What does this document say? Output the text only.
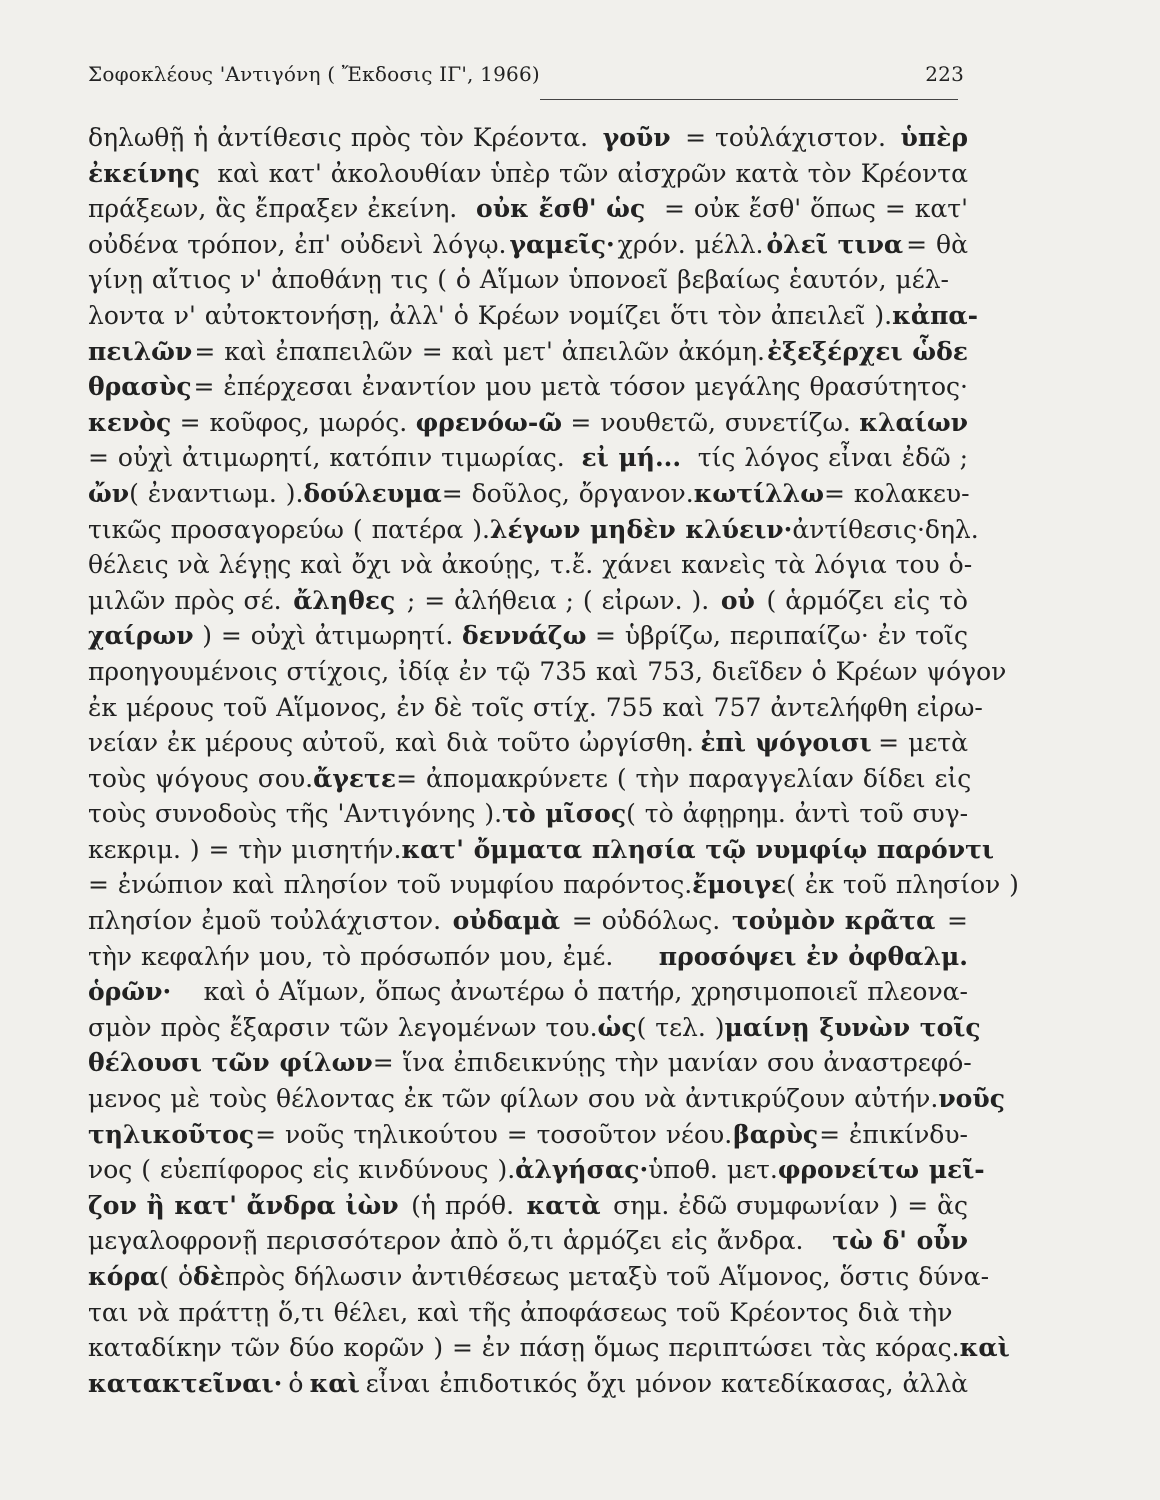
Σοφοκλέους 'Αντιγόνη ( Ἔκδοσις ΙΓ', 1966)	223
δηλωθῇ ἡ ἀντίθεσις πρὸς τὸν Κρέοντα. γοῦν = τοὐλάχιστον. ὑπὲρ
ἐκείνης καὶ κατ' ἀκολουθίαν ὑπὲρ τῶν αἰσχρῶν κατὰ τὸν Κρέοντα
πράξεων, ἃς ἔπραξεν ἐκείνη. οὐκ ἔσθ' ὡς = οὐκ ἔσθ' ὅπως = κατ'
οὐδένα τρόπον, ἐπ' οὐδενὶ λόγῳ. γαμεῖς· χρόν. μέλλ. ὀλεῖ τινα = θὰ
γίνῃ αἴτιος ν' ἀποθάνῃ τις ( ὁ Αἵμων ὑπονοεῖ βεβαίως ἑαυτόν, μέλ-
λοντα ν' αὐτοκτονήσῃ, ἀλλ' ὁ Κρέων νομίζει ὅτι τὸν ἀπειλεῖ ). κἀπα-
πειλῶν = καὶ ἐπαπειλῶν = καὶ μετ' ἀπειλῶν ἀκόμη. ἐξεξέρχει ὧδε
θρασὺς = ἐπέρχεσαι ἐναντίον μου μετὰ τόσον μεγάλης θρασύτητος·
κενὸς = κοῦφος, μωρός. φρενόω-ῶ = νουθετῶ, συνετίζω. κλαίων
= οὐχὶ ἀτιμωρητί, κατόπιν τιμωρίας. εἰ μή... τίς λόγος εἶναι ἐδῶ ;
ὤν ( ἐναντιωμ. ). δούλευμα = δοῦλος, ὄργανον. κωτίλλω = κολακευ-
τικῶς προσαγορεύω ( πατέρα ). λέγων μηδὲν κλύειν· ἀντίθεσις·δηλ.
θέλεις νὰ λέγῃς καὶ ὄχι νὰ ἀκούῃς, τ.ἔ. χάνει κανεὶς τὰ λόγια του ὁ-
μιλῶν πρὸς σέ. ἄληθες ; = ἀλήθεια ; ( εἰρων. ). οὐ ( ἁρμόζει εἰς τὸ
χαίρων ) = οὐχὶ ἀτιμωρητί. δεννάζω = ὑβρίζω, περιπαίζω· ἐν τοῖς
προηγουμένοις στίχοις, ἰδίᾳ ἐν τῷ 735 καὶ 753, διεῖδεν ὁ Κρέων ψόγον
ἐκ μέρους τοῦ Αἵμονος, ἐν δὲ τοῖς στίχ. 755 καὶ 757 ἀντελήφθη εἰρω-
νείαν ἐκ μέρους αὐτοῦ, καὶ διὰ τοῦτο ὠργίσθη. ἐπὶ ψόγοισι = μετὰ
τοὺς ψόγους σου. ἄγετε = ἀπομακρύνετε ( τὴν παραγγελίαν δίδει εἰς
τοὺς συνοδοὺς τῆς 'Αντιγόνης ). τὸ μῖσος ( τὸ ἀφῃρημ. ἀντὶ τοῦ συγ-
κεκριμ. ) = τὴν μισητήν. κατ' ὄμματα πλησία τῷ νυμφίῳ παρόντι
= ἐνώπιον καὶ πλησίον τοῦ νυμφίου παρόντος. ἔμοιγε ( ἐκ τοῦ πλησίον )
πλησίον ἐμοῦ τοὐλάχιστον. οὐδαμὰ = οὐδόλως. τοὐμὸν κρᾶτα =
τὴν κεφαλήν μου, τὸ πρόσωπόν μου, ἐμέ. προσόψει ἐν ὀφθαλμ.
ὁρῶν· καὶ ὁ Αἵμων, ὅπως ἀνωτέρω ὁ πατήρ, χρησιμοποιεῖ πλεονα-
σμὸν πρὸς ἔξαρσιν τῶν λεγομένων του. ὡς ( τελ. ) μαίνῃ ξυνὼν τοῖς
θέλουσι τῶν φίλων = ἵνα ἐπιδεικνύῃς τὴν μανίαν σου ἀναστρεφό-
μενος μὲ τοὺς θέλοντας ἐκ τῶν φίλων σου νὰ ἀντικρύζουν αὐτήν. νοῦς
τηλικοῦτος = νοῦς τηλικούτου = τοσοῦτον νέου. βαρὺς = ἐπικίνδυ-
νος ( εὐεπίφορος εἰς κινδύνους ). ἀλγήσας· ὑποθ. μετ. φρονείτω μεῖ-
ζον ἢ κατ' ἄνδρα ἰὼν (ἡ πρόθ. κατὰ σημ. ἐδῶ συμφωνίαν ) = ἃς
μεγαλοφρονῇ περισσότερον ἀπὸ ὅ,τι ἁρμόζει εἰς ἄνδρα. τὼ δ' οὖν
κόρα ( ὁ δὲ πρὸς δήλωσιν ἀντιθέσεως μεταξὺ τοῦ Αἵμονος, ὅστις δύνα-
ται νὰ πράττῃ ὅ,τι θέλει, καὶ τῆς ἀποφάσεως τοῦ Κρέοντος διὰ τὴν
καταδίκην τῶν δύο κορῶν ) = ἐν πάσῃ ὅμως περιπτώσει τὰς κόρας. καὶ
κατακτεῖναι· ὁ καὶ εἶναι ἐπιδοτικός ὄχι μόνον κατεδίκασας, ἀλλὰ
